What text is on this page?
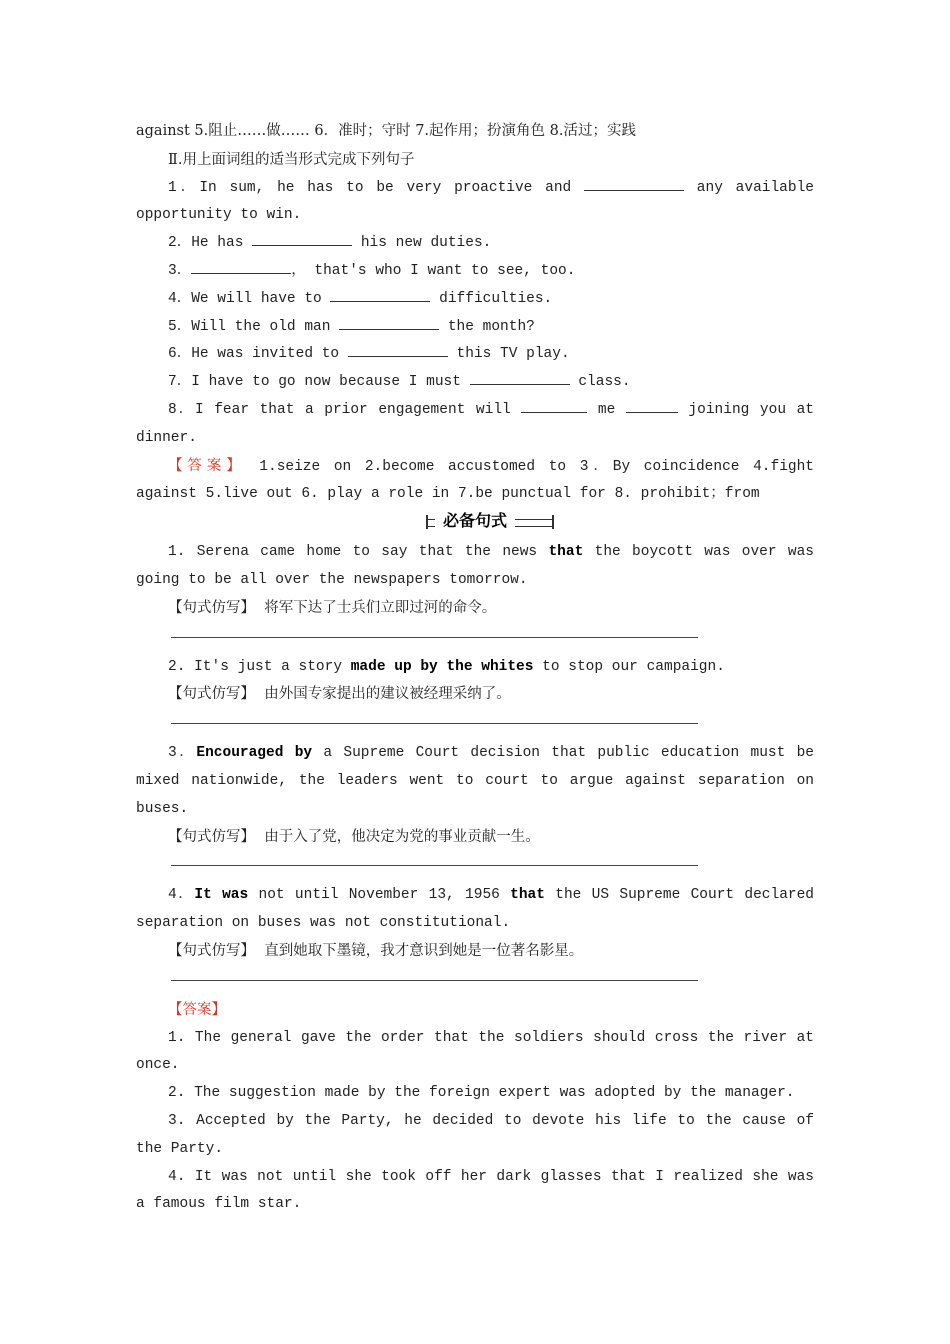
against 5.阻止……做…… 6．准时；守时 7.起作用；扮演角色 8.活过；实践

Ⅱ.用上面词组的适当形式完成下列句子

1．In sum, he has to be very proactive and	any available opportunity to win.

2．He has	his new duties.

3．	， that's who I want to see, too.

4．We will have to	difficulties.

5．Will the old man	the month?

6．He was invited to	this TV play.

7．I have to go now because I must	class.

8．I fear that a prior engagement will	me	joining you at dinner.

【答案】 1.seize on 2.become accustomed to 3．By coincidence 4.fight against 5.live out 6. play a role in 7.be punctual for 8. prohibit；from

必备句式

1. Serena came home to say that the news that the boycott was over was going to be all over the newspapers tomorrow.

【句式仿写】 将军下达了士兵们立即过河的命令。

2. It's just a story made up by the whites to stop our campaign.

【句式仿写】 由外国专家提出的建议被经理采纳了。

3．Encouraged by a Supreme Court decision that public education must be mixed nationwide, the leaders went to court to argue against separation on buses.

【句式仿写】 由于入了党，他决定为党的事业贡献一生。

4．It was not until November 13, 1956 that the US Supreme Court declared separation on buses was not constitutional.

【句式仿写】 直到她取下墨镜，我才意识到她是一位著名影星。

【答案】

1. The general gave the order that the soldiers should cross the river at once.

2. The suggestion made by the foreign expert was adopted by the manager.

3. Accepted by the Party, he decided to devote his life to the cause of the Party.

4. It was not until she took off her dark glasses that I realized she was a famous film star.
